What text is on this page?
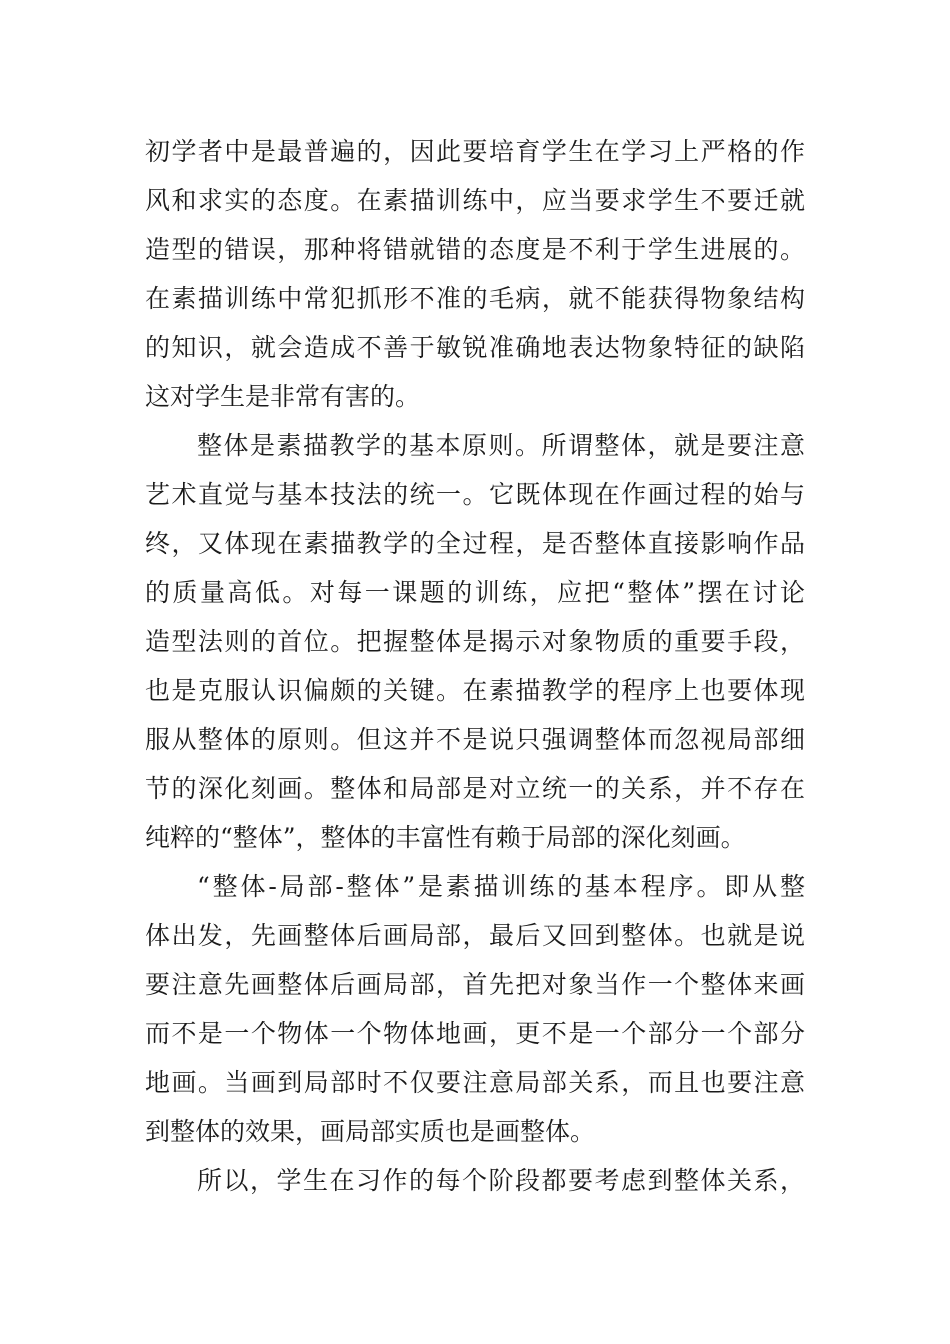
初学者中是最普遍的，因此要培育学生在学习上严格的作
风和求实的态度。在素描训练中，应当要求学生不要迁就
造型的错误，那种将错就错的态度是不利于学生进展的。
在素描训练中常犯抓形不准的毛病，就不能获得物象结构
的知识，就会造成不善于敏锐准确地表达物象特征的缺陷
这对学生是非常有害的。
整体是素描教学的基本原则。所谓整体，就是要注意
艺术直觉与基本技法的统一。它既体现在作画过程的始与
终，又体现在素描教学的全过程，是否整体直接影响作品
的质量高低。对每一课题的训练，应把“整体”摆在讨论
造型法则的首位。把握整体是揭示对象物质的重要手段，
也是克服认识偏颇的关键。在素描教学的程序上也要体现
服从整体的原则。但这并不是说只强调整体而忽视局部细
节的深化刻画。整体和局部是对立统一的关系，并不存在
纯粹的“整体”，整体的丰富性有赖于局部的深化刻画。
“整体-局部-整体”是素描训练的基本程序。即从整
体出发，先画整体后画局部，最后又回到整体。也就是说
要注意先画整体后画局部，首先把对象当作一个整体来画
而不是一个物体一个物体地画，更不是一个部分一个部分
地画。当画到局部时不仅要注意局部关系，而且也要注意
到整体的效果，画局部实质也是画整体。
所以，学生在习作的每个阶段都要考虑到整体关系，
